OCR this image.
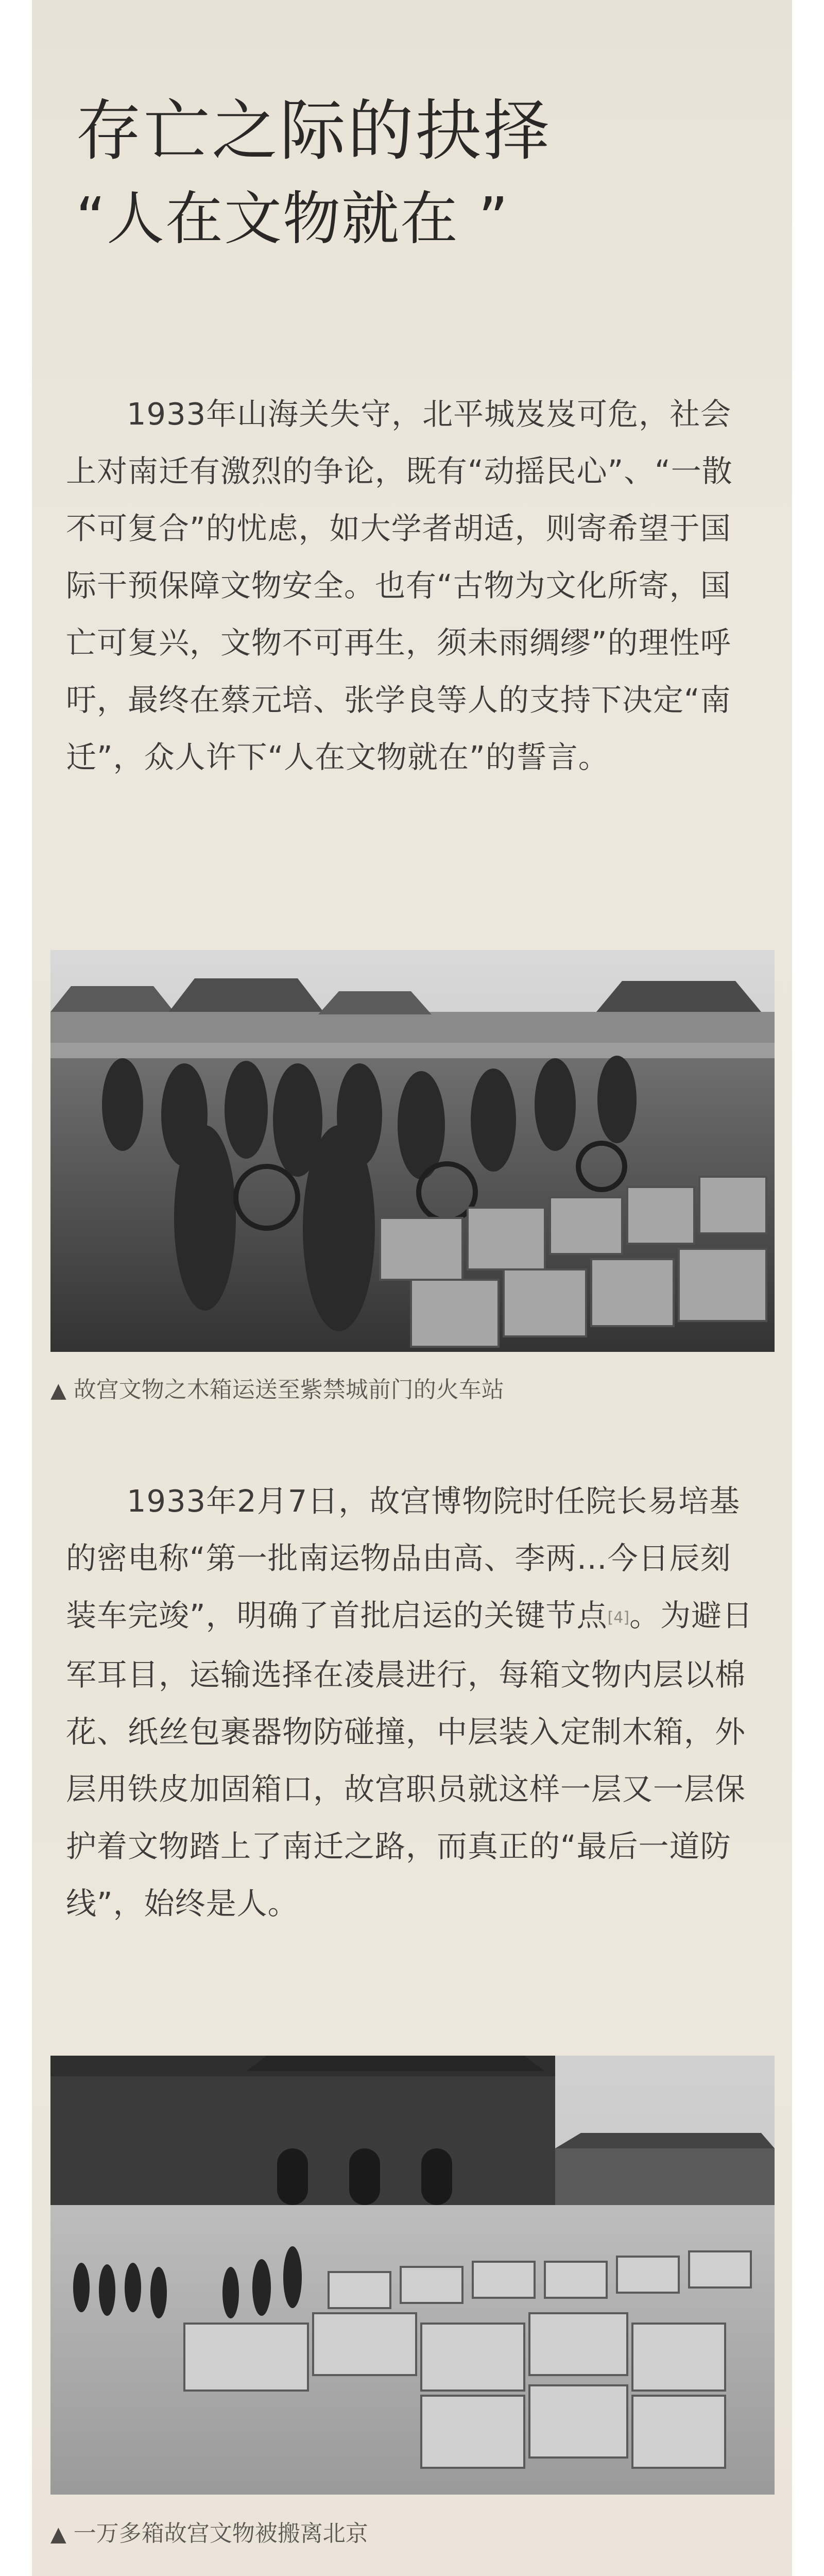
存亡之际的抉择
“人在文物就在 ”

1933年山海关失守，北平城岌岌可危，社会上对南迁有激烈的争论，既有“动摇民心”、“一散不可复合”的忧虑，如大学者胡适，则寄希望于国际干预保障文物安全。也有“古物为文化所寄，国亡可复兴，文物不可再生，须未雨绸缪”的理性呼吁，最终在蔡元培、张学良等人的支持下决定“南迁”，众人许下“人在文物就在”的誓言。

▲ 故宫文物之木箱运送至紫禁城前门的火车站

1933年2月7日，故宫博物院时任院长易培基的密电称“第一批南运物品由高、李两…今日辰刻装车完竣”，明确了首批启运的关键节点[4]。为避日军耳目，运输选择在凌晨进行，每箱文物内层以棉花、纸丝包裹器物防碰撞，中层装入定制木箱，外层用铁皮加固箱口，故宫职员就这样一层又一层保护着文物踏上了南迁之路，而真正的“最后一道防线”，始终是人。

▲ 一万多箱故宫文物被搬离北京
